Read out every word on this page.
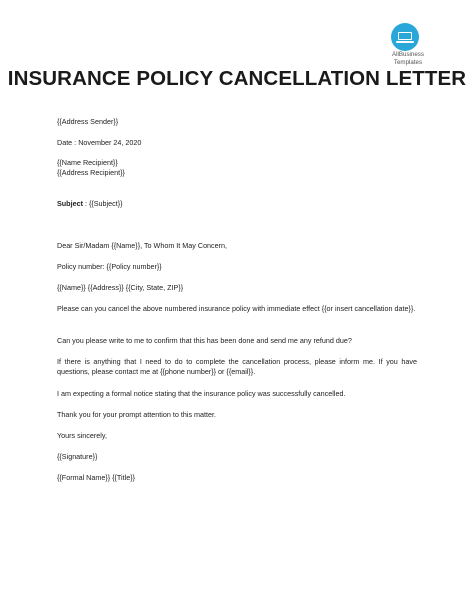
AllBusiness
Templates
INSURANCE POLICY CANCELLATION LETTER
{{Address Sender}}
Date : November 24, 2020
{{Name Recipient}}
{{Address Recipient}}
Subject : {{Subject}}
Dear Sir/Madam {{Name}}, To Whom It May Concern,
Policy number: {{Policy number}}
{{Name}} {{Address}} {{City, State, ZIP}}
Please can you cancel the above numbered insurance policy with immediate effect {{or insert cancellation date}}.
Can you please write to me to confirm that this has been done and send me any refund due?
If there is anything that I need to do to complete the cancellation process, please inform me. If you have questions, please contact me at {{phone number}} or {{email}}.
I am expecting a formal notice stating that the insurance policy was successfully cancelled.
Thank you for your prompt attention to this matter.
Yours sincerely,
{{Signature}}
{{Formal Name}} {{Title}}
